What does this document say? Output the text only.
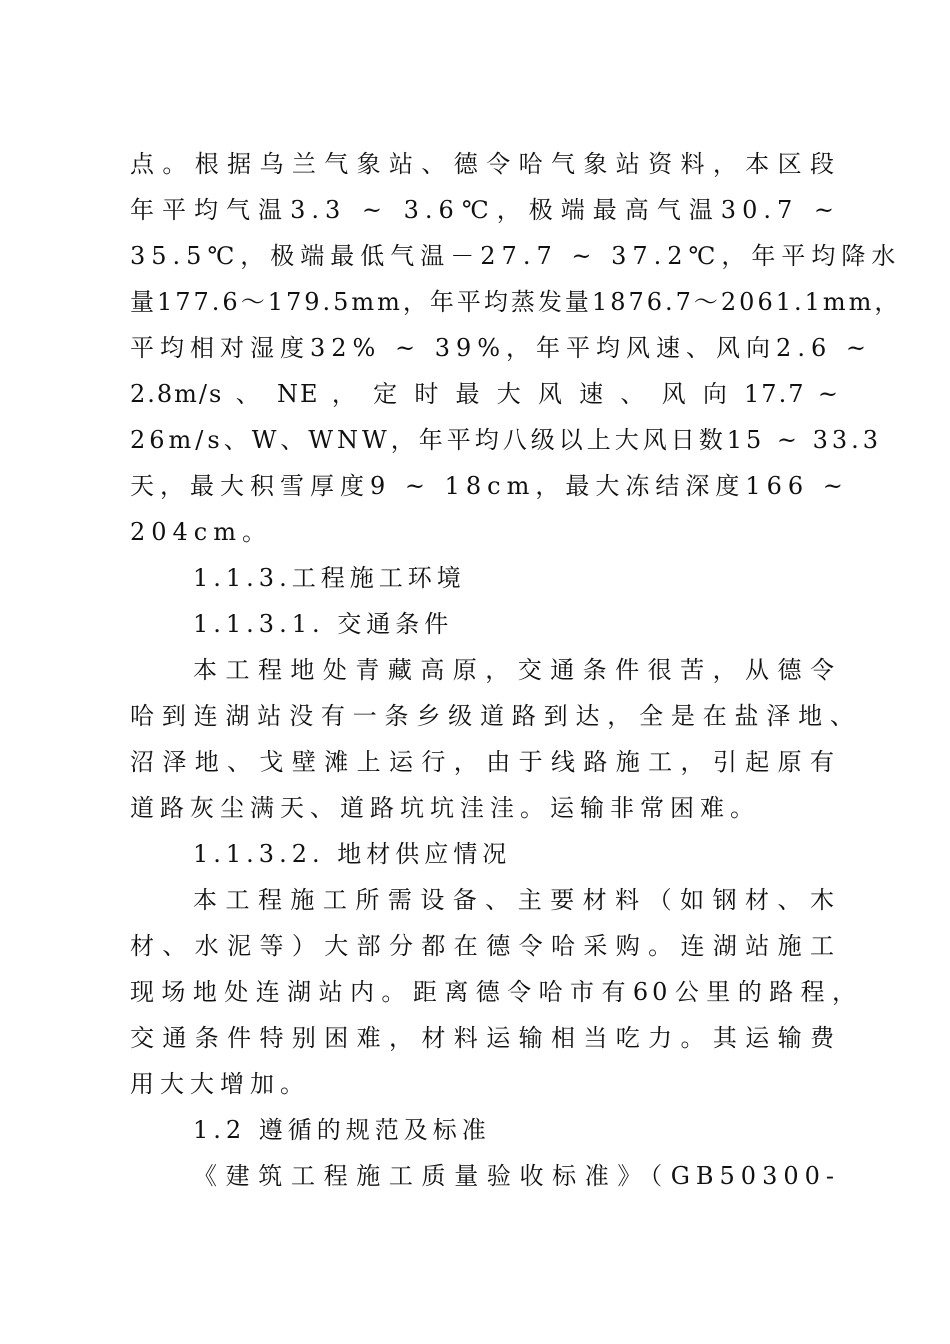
点。根据乌兰气象站、德令哈气象站资料，本区段
年平均气温3.3 ~ 3.6℃，极端最高气温30.7 ~
35.5℃，极端最低气温－27.7 ~ 37.2℃，年平均降水
量177.6～179.5mm，年平均蒸发量1876.7～2061.1mm，
平均相对湿度32% ~ 39%，年平均风速、风向2.6 ~
2.8m/s 、 NE ， 定 时 最 大 风 速 、 风 向 17.7 ~
26m/s、W、WNW，年平均八级以上大风日数15 ~ 33.3
天，最大积雪厚度9 ~ 18cm，最大冻结深度166 ~
204cm。
1.1.3.工程施工环境
1.1.3.1. 交通条件
本工程地处青藏高原，交通条件很苦，从德令
哈到连湖站没有一条乡级道路到达，全是在盐泽地、
沼泽地、戈壁滩上运行，由于线路施工，引起原有
道路灰尘满天、道路坑坑洼洼。运输非常困难。
1.1.3.2. 地材供应情况
本工程施工所需设备、主要材料（如钢材、木
材、水泥等）大部分都在德令哈采购。连湖站施工
现场地处连湖站内。距离德令哈市有60公里的路程，
交通条件特别困难，材料运输相当吃力。其运输费
用大大增加。
1.2 遵循的规范及标准
《建筑工程施工质量验收标准》（GB50300-
